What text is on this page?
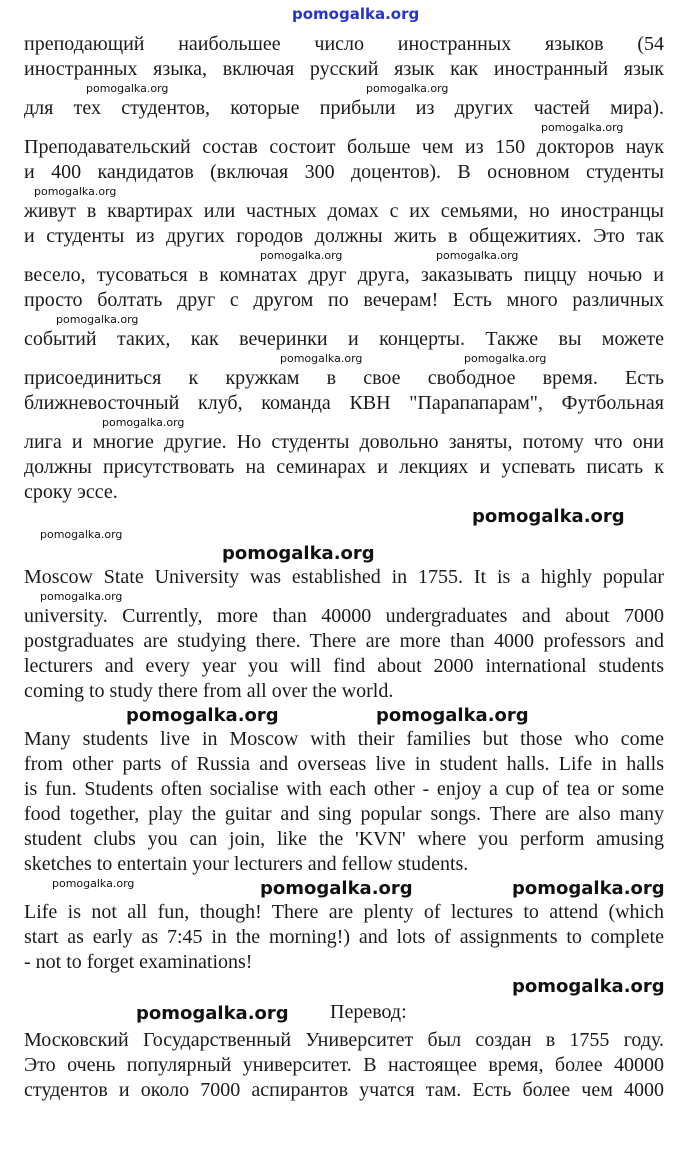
pomogalka.org
преподающий наибольшее число иностранных языков (54
иностранных языка, включая русский язык как иностранный язык
pomogalka.org	pomogalka.org
для тех студентов, которые прибыли из других частей мира).
pomogalka.org
Преподавательский состав состоит больше чем из 150 докторов наук
и 400 кандидатов (включая 300 доцентов). В основном студенты
pomogalka.org
живут в квартирах или частных домах с их семьями, но иностранцы
и студенты из других городов должны жить в общежитиях. Это так
pomogalka.org	pomogalka.org
весело, тусоваться в комнатах друг друга, заказывать пиццу ночью и
просто болтать друг с другом по вечерам! Есть много различных
pomogalka.org
событий таких, как вечеринки и концерты. Также вы можете
pomogalka.org	pomogalka.org
присоединиться к кружкам в свое свободное время. Есть
ближневосточный клуб, команда КВН "Парапапарам", Футбольная
pomogalka.org
лига и многие другие. Но студенты довольно заняты, потому что они
должны присутствовать на семинарах и лекциях и успевать писать к
сроку эссе.
pomogalka.org
pomogalka.org
pomogalka.org
Moscow State University was established in 1755. It is a highly popular
pomogalka.org
university. Currently, more than 40000 undergraduates and about 7000
postgraduates are studying there. There are more than 4000 professors and
lecturers and every year you will find about 2000 international students
coming to study there from all over the world.
pomogalka.org	pomogalka.org
Many students live in Moscow with their families but those who come
from other parts of Russia and overseas live in student halls. Life in halls
is fun. Students often socialise with each other - enjoy a cup of tea or some
food together, play the guitar and sing popular songs. There are also many
student clubs you can join, like the 'KVN' where you perform amusing
sketches to entertain your lecturers and fellow students.
pomogalka.org	pomogalka.org	pomogalka.org
Life is not all fun, though! There are plenty of lectures to attend (which
start as early as 7:45 in the morning!) and lots of assignments to complete
- not to forget examinations!
pomogalka.org
pomogalka.org Перевод:
Московский Государственный Университет был создан в 1755 году.
Это очень популярный университет. В настоящее время, более 40000
студентов и около 7000 аспирантов учатся там. Есть более чем 4000
